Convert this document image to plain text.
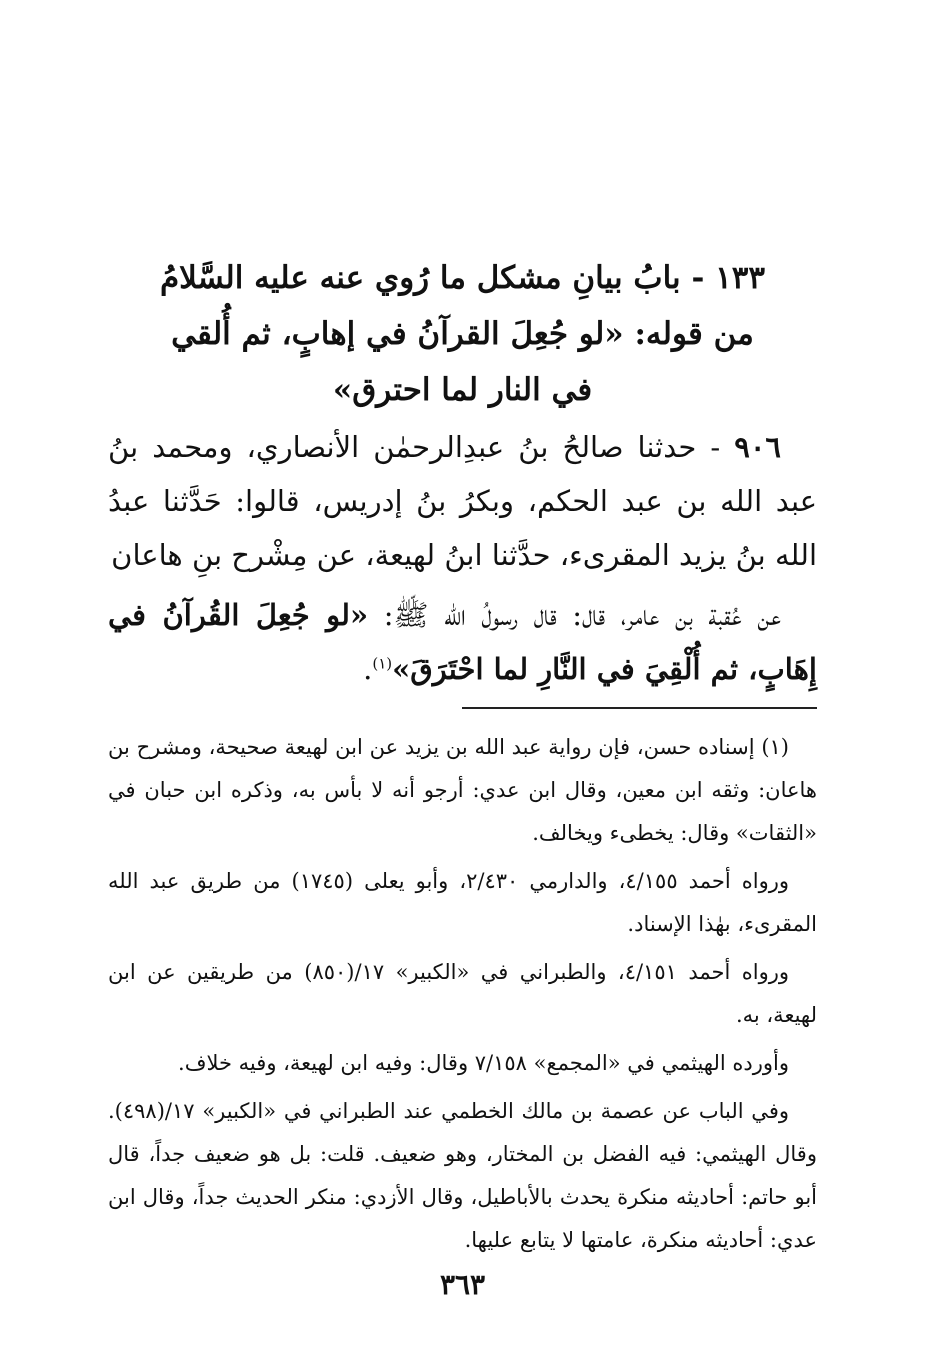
١٣٣ - بابُ بيانِ مشكل ما رُوي عنه عليه السَّلامُ
من قوله: «لو جُعِلَ القرآنُ في إهابٍ، ثم أُلقي
في النار لما احترق»

٩٠٦ - حدثنا صالحُ بنُ عبدِالرحمٰن الأنصاري، ومحمد بنُ عبد الله بن عبد الحكم، وبكرُ بنُ إدريس، قالوا: حَدَّثنا عبدُ الله بنُ يزيد المقرىء، حدَّثنا ابنُ لهيعة، عن مِشْرح بنِ هاعان

عن عُقبة بن عامر، قال: قال رسولُ الله ﷺ: «لو جُعِلَ القُرآنُ في إِهَابٍ، ثم أُلْقِيَ في النَّارِ لما احْتَرَقَ»$^{(١)}$.

(١) إسناده حسن، فإن رواية عبد الله بن يزيد عن ابن لهيعة صحيحة، ومشرح بن هاعان: وثقه ابن معين، وقال ابن عدي: أرجو أنه لا بأس به، وذكره ابن حبان في «الثقات» وقال: يخطىء ويخالف.

ورواه أحمد ٤/١٥٥، والدارمي ٢/٤٣٠، وأبو يعلى (١٧٤٥) من طريق عبد الله المقرىء، بهٰذا الإسناد.

ورواه أحمد ٤/١٥١، والطبراني في «الكبير» ١٧/(٨٥٠) من طريقين عن ابن لهيعة، به.

وأورده الهيثمي في «المجمع» ٧/١٥٨ وقال: وفيه ابن لهيعة، وفيه خلاف.

وفي الباب عن عصمة بن مالك الخطمي عند الطبراني في «الكبير» ١٧/(٤٩٨). وقال الهيثمي: فيه الفضل بن المختار، وهو ضعيف. قلت: بل هو ضعيف جداً، قال أبو حاتم: أحاديثه منكرة يحدث بالأباطيل، وقال الأزدي: منكر الحديث جداً، وقال ابن عدي: أحاديثه منكرة، عامتها لا يتابع عليها.

٣٦٣
